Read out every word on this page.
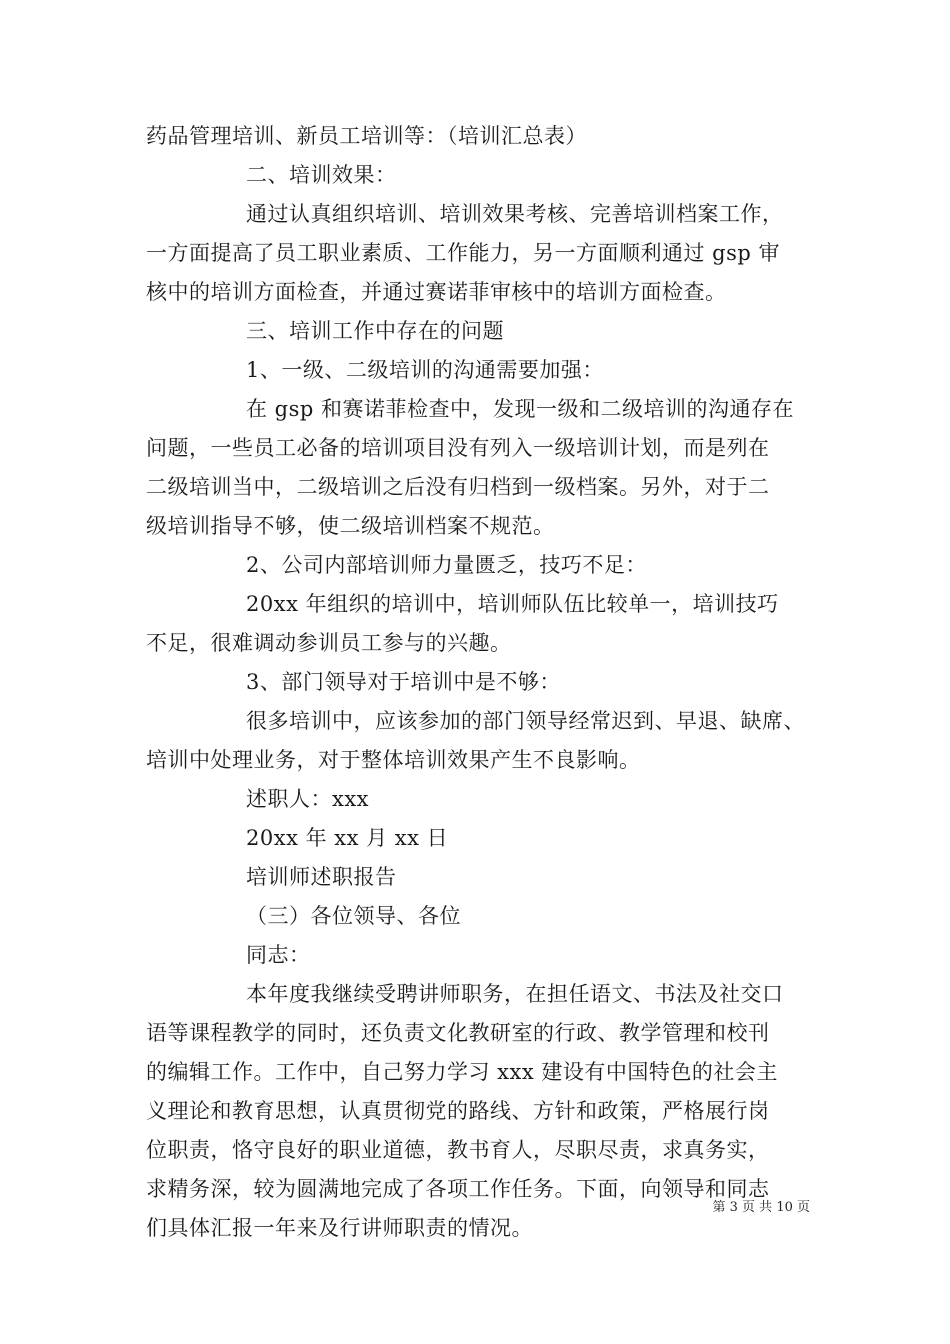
药品管理培训、新员工培训等：（培训汇总表）
二、培训效果：
通过认真组织培训、培训效果考核、完善培训档案工作，
一方面提高了员工职业素质、工作能力，另一方面顺利通过 gsp 审
核中的培训方面检查，并通过赛诺菲审核中的培训方面检查。
三、培训工作中存在的问题
1、一级、二级培训的沟通需要加强：
在 gsp 和赛诺菲检查中，发现一级和二级培训的沟通存在
问题，一些员工必备的培训项目没有列入一级培训计划，而是列在
二级培训当中，二级培训之后没有归档到一级档案。另外，对于二
级培训指导不够，使二级培训档案不规范。
2、公司内部培训师力量匮乏，技巧不足：
20xx 年组织的培训中，培训师队伍比较单一，培训技巧
不足，很难调动参训员工参与的兴趣。
3、部门领导对于培训中是不够：
很多培训中，应该参加的部门领导经常迟到、早退、缺席、
培训中处理业务，对于整体培训效果产生不良影响。
述职人：xxx
20xx 年 xx 月 xx 日
培训师述职报告
（三）各位领导、各位
同志：
本年度我继续受聘讲师职务，在担任语文、书法及社交口
语等课程教学的同时，还负责文化教研室的行政、教学管理和校刊
的编辑工作。工作中，自己努力学习 xxx 建设有中国特色的社会主
义理论和教育思想，认真贯彻党的路线、方针和政策，严格展行岗
位职责，恪守良好的职业道德，教书育人，尽职尽责，求真务实，
求精务深，较为圆满地完成了各项工作任务。下面，向领导和同志
们具体汇报一年来及行讲师职责的情况。
第 3 页 共 10 页
